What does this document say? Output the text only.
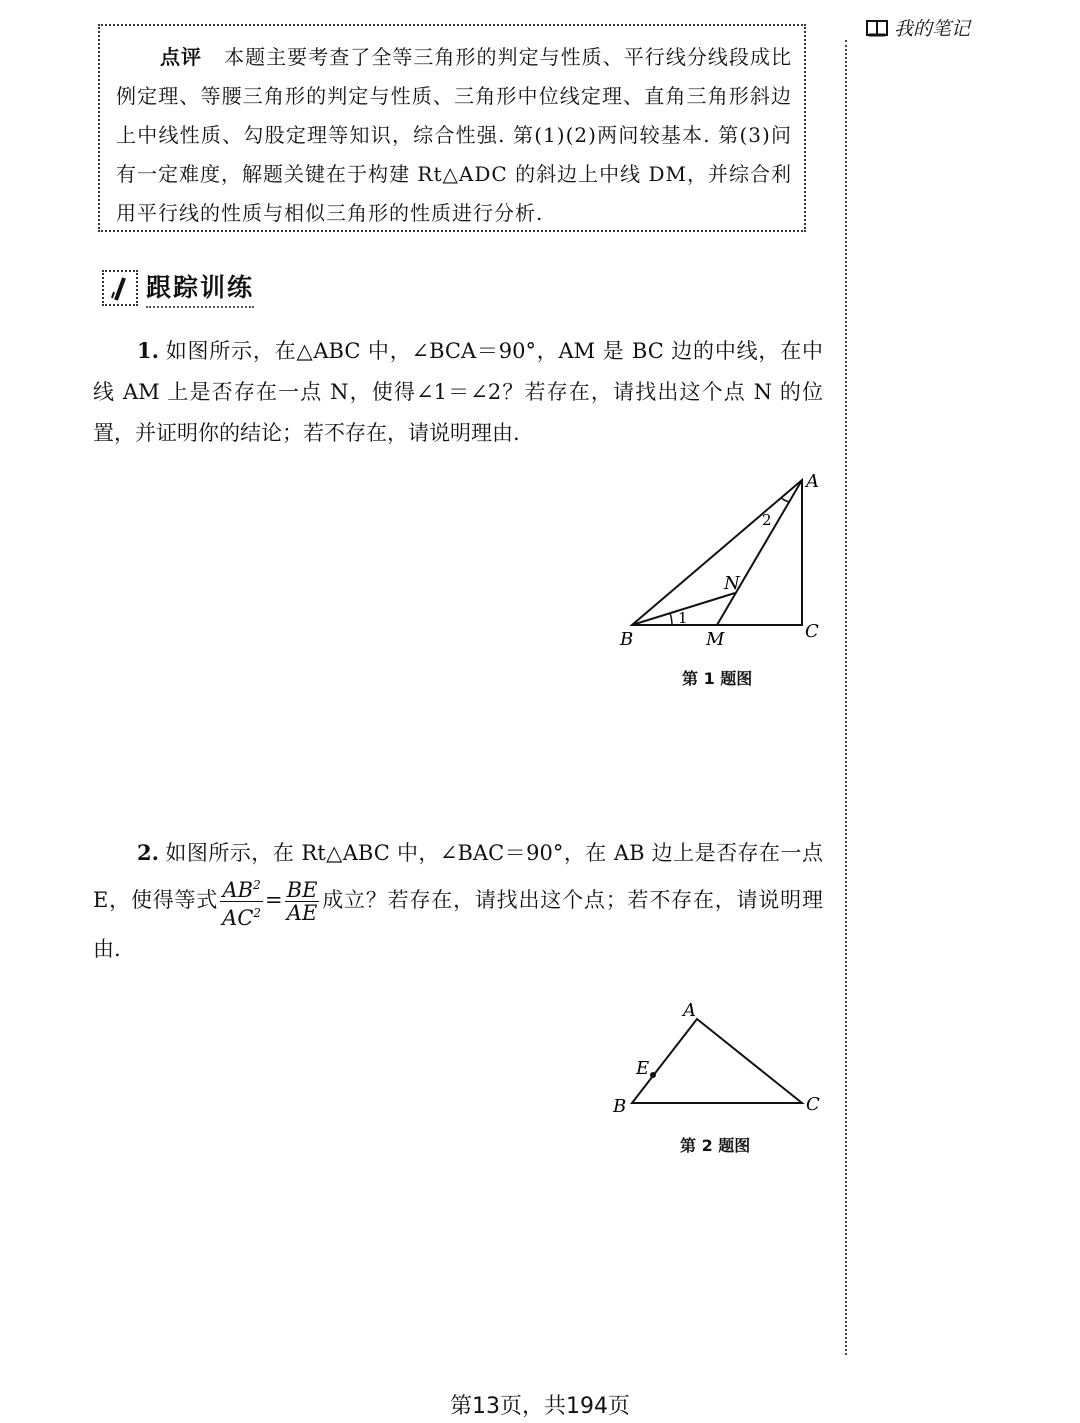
我的笔记
点评 本题主要考查了全等三角形的判定与性质、平行线分线段成比例定理、等腰三角形的判定与性质、三角形中位线定理、直角三角形斜边上中线性质、勾股定理等知识，综合性强. 第(1)(2)两问较基本. 第(3)问有一定难度，解题关键在于构建 Rt△ADC 的斜边上中线 DM，并综合利用平行线的性质与相似三角形的性质进行分析.
跟踪训练
1. 如图所示，在△ABC 中，∠BCA＝90°，AM 是 BC 边的中线，在中线 AM 上是否存在一点 N，使得∠1＝∠2？若存在，请找出这个点 N 的位置，并证明你的结论；若不存在，请说明理由.
A
B	C
M
N
1
2
第 1 题图
2. 如图所示，在 Rt△ABC 中，∠BAC＝90°，在 AB 边上是否存在一点 E，使得等式 $\frac{AB^2}{AC^2} = \frac{BE}{AE}$ 成立？若存在，请找出这个点；若不存在，请说明理由.
A
B	C
E
第 2 题图
第13页，共194页
